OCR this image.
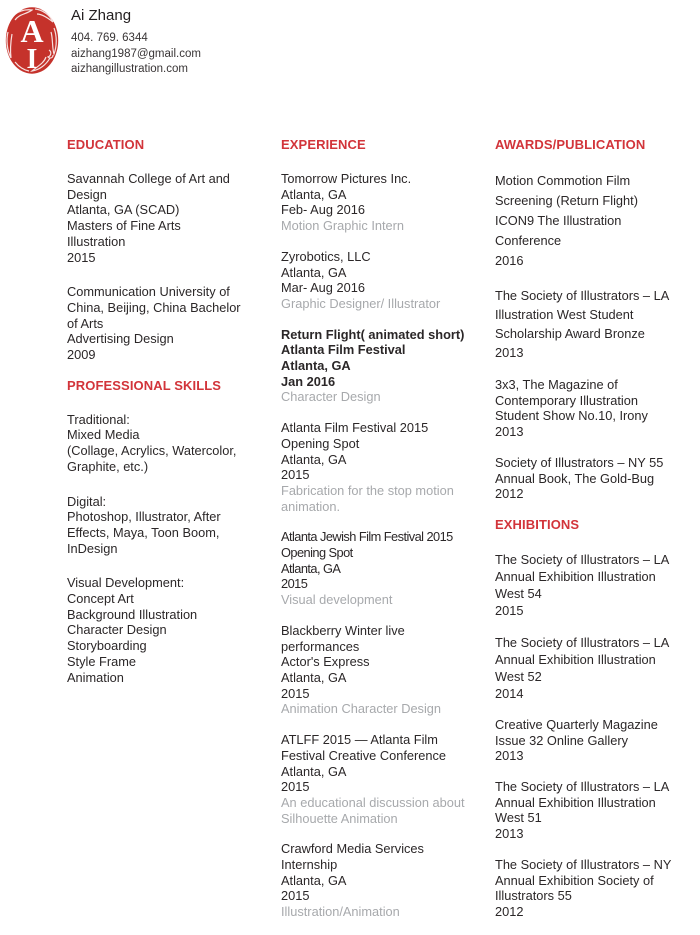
A
I
Ai Zhang
404. 769. 6344
aizhang1987@gmail.com
aizhangillustration.com
EDUCATION
Savannah College of Art and
Design
Atlanta, GA (SCAD)
Masters of Fine Arts
Illustration
2015
Communication University of
China, Beijing, China Bachelor
of Arts
Advertising Design
2009
PROFESSIONAL SKILLS
Traditional:
Mixed Media
(Collage, Acrylics, Watercolor,
Graphite, etc.)
Digital:
Photoshop, Illustrator, After
Effects, Maya, Toon Boom,
InDesign
Visual Development:
Concept Art
Background Illustration
Character Design
Storyboarding
Style Frame
Animation
EXPERIENCE
Tomorrow Pictures Inc.
Atlanta, GA
Feb- Aug 2016
Motion Graphic Intern
Zyrobotics, LLC
Atlanta, GA
Mar- Aug 2016
Graphic Designer/ Illustrator
Return Flight( animated short)
Atlanta Film Festival
Atlanta, GA
Jan 2016
Character Design
Atlanta Film Festival 2015
Opening Spot
Atlanta, GA
2015
Fabrication for the stop motion
animation.
Atlanta Jewish Film Festival 2015
Opening Spot
Atlanta, GA
2015
Visual development
Blackberry Winter live
performances
Actor's Express
Atlanta, GA
2015
Animation Character Design
ATLFF 2015 — Atlanta Film
Festival Creative Conference
Atlanta, GA
2015
An educational discussion about
Silhouette Animation
Crawford Media Services
Internship
Atlanta, GA
2015
Illustration/Animation
AWARDS/PUBLICATION
Motion Commotion Film
Screening (Return Flight)
ICON9 The Illustration
Conference
2016
The Society of Illustrators – LA
Illustration West Student
Scholarship Award Bronze
2013
3x3, The Magazine of
Contemporary Illustration
Student Show No.10, Irony
2013
Society of Illustrators – NY 55
Annual Book, The Gold-Bug
2012
EXHIBITIONS
The Society of Illustrators – LA
Annual Exhibition Illustration
West 54
2015
The Society of Illustrators – LA
Annual Exhibition Illustration
West 52
2014
Creative Quarterly Magazine
Issue 32 Online Gallery
2013
The Society of Illustrators – LA
Annual Exhibition Illustration
West 51
2013
The Society of Illustrators – NY
Annual Exhibition Society of
Illustrators 55
2012
